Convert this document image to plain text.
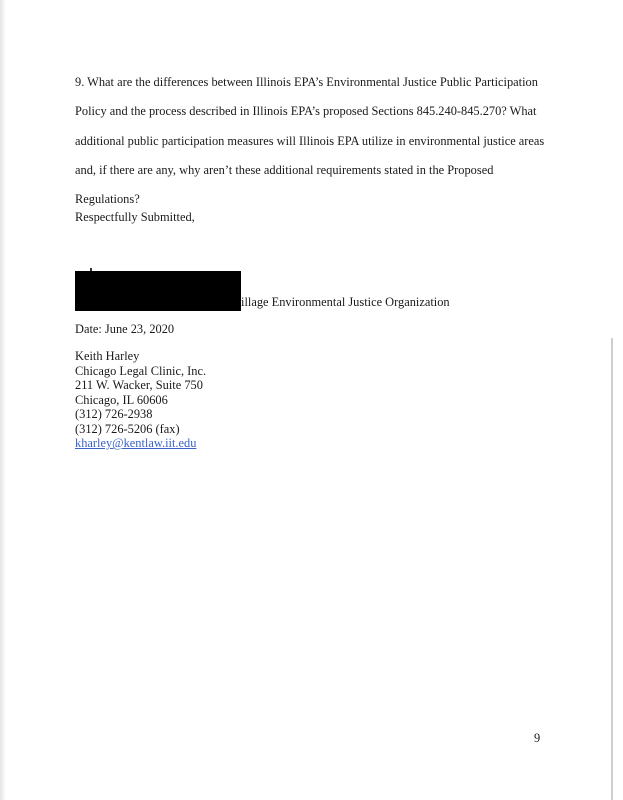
9. What are the differences between Illinois EPA’s Environmental Justice Public Participation
Policy and the process described in Illinois EPA’s proposed Sections 845.240-845.270? What
additional public participation measures will Illinois EPA utilize in environmental justice areas
and, if there are any, why aren’t these additional requirements stated in the Proposed
Regulations?

Respectfully Submitted,

illage Environmental Justice Organization

Date: June 23, 2020

Keith Harley
Chicago Legal Clinic, Inc.
211 W. Wacker, Suite 750
Chicago, IL 60606
(312) 726-2938
(312) 726-5206 (fax)
kharley@kentlaw.iit.edu

9
